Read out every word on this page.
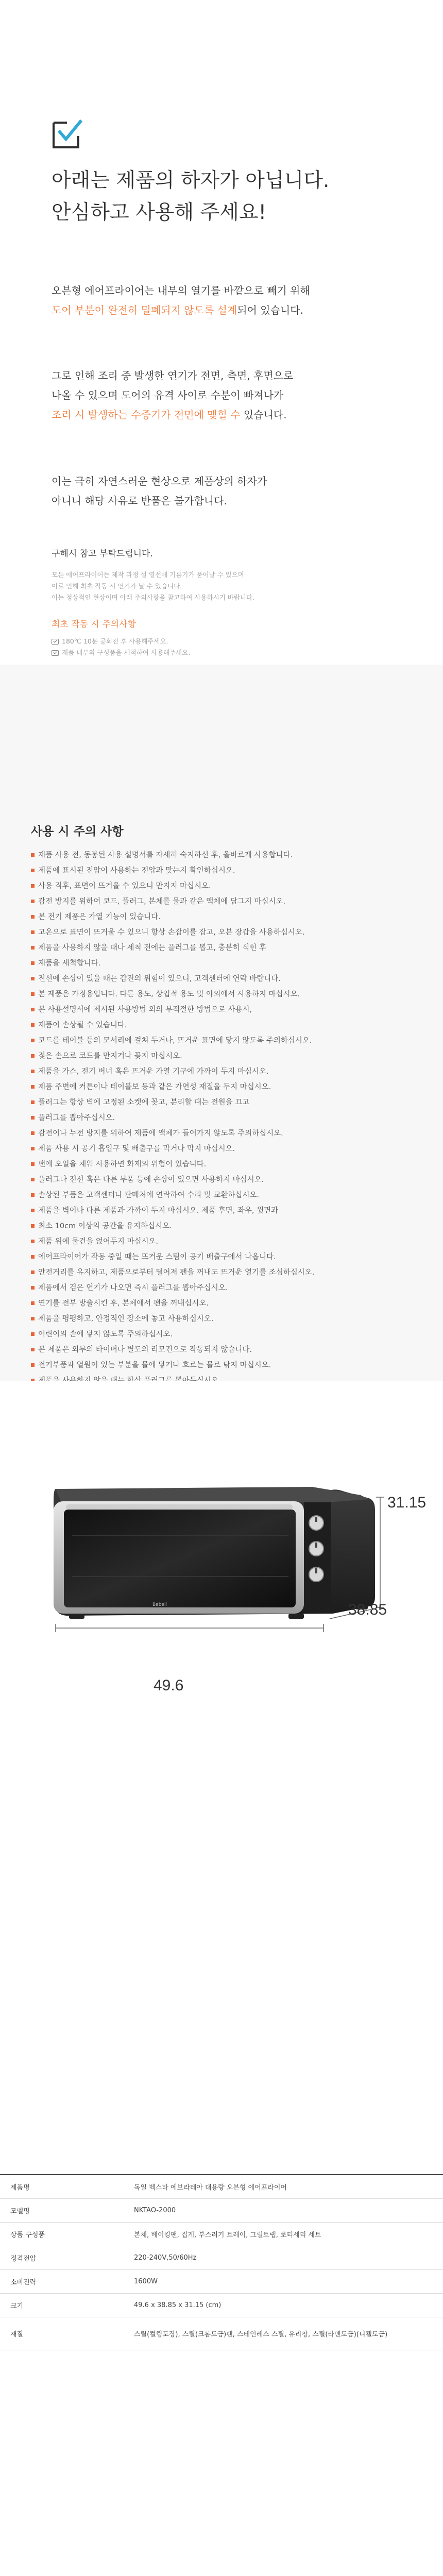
아래는 제품의 하자가 아닙니다.
안심하고 사용해 주세요!

오븐형 에어프라이어는 내부의 열기를 바깥으로 빼기 위해
도어 부분이 완전히 밀폐되지 않도록 설계되어 있습니다.

그로 인해 조리 중 발생한 연기가 전면, 측면, 후면으로
나올 수 있으며 도어의 유격 사이로 수분이 빠져나가
조리 시 발생하는 수증기가 전면에 맺힐 수 있습니다.

이는 극히 자연스러운 현상으로 제품상의 하자가
아니니 해당 사유로 반품은 불가합니다.

구해시 참고 부탁드립니다.
모든 에어프라이어는 제작 과정 설 열선에 기름기가 묻어날 수 있으며
이로 인해 최초 작동 시 연기가 날 수 있습니다.
이는 정상적인 현상이며 아래 주의사항을 참고하여 사용하시기 바랍니다.
최초 작동 시 주의사항
180℃ 10분 공회전 후 사용해주세요.
제품 내부의 구성품을 세척하여 사용해주세요.
사용 시 주의 사항
제품 사용 전, 동봉된 사용 설명서를 자세히 숙지하신 후, 올바르게 사용합니다.
제품에 표시된 전압이 사용하는 전압과 맞는지 확인하십시오.
사용 직후, 표면이 뜨거울 수 있으니 만지지 마십시오.
감전 방지를 위하여 코드, 플러그, 본체를 물과 같은 액체에 담그지 마십시오.
본 전기 제품은 가열 기능이 있습니다.
고온으로 표면이 뜨거울 수 있으니 항상 손잡이를 잡고, 오븐 장갑을 사용하십시오.
제품을 사용하지 않을 때나 세척 전에는 플러그를 뽑고, 충분히 식힌 후
제품을 세척합니다.
전선에 손상이 있을 때는 감전의 위험이 있으니, 고객센터에 연락 바랍니다.
본 제품은 가정용입니다. 다른 용도, 상업적 용도 및 야외에서 사용하지 마십시오.
본 사용설명서에 제시된 사용방법 외의 부적절한 방법으로 사용시,
제품이 손상될 수 있습니다.
코드를 테이블 등의 모서리에 걸쳐 두거나, 뜨거운 표면에 닿지 않도록 주의하십시오.
젖은 손으로 코드를 만지거나 꽂지 마십시오.
제품을 가스, 전기 버너 혹은 뜨거운 가열 기구에 가까이 두지 마십시오.
제품 주변에 커튼이나 테이블보 등과 같은 가연성 재질을 두지 마십시오.
플러그는 항상 벽에 고정된 소켓에 꽂고, 분리할 때는 전원을 끄고
플러그를 뽑아주십시오.
감전이나 누전 방지를 위하여 제품에 액체가 들어가지 않도록 주의하십시오.
제품 사용 시 공기 흡입구 및 배출구를 막거나 막지 마십시오.
팬에 오일을 채워 사용하면 화재의 위험이 있습니다.
플러그나 전선 혹은 다른 부품 등에 손상이 있으면 사용하지 마십시오.
손상된 부품은 고객센터나 판매처에 연락하여 수리 및 교환하십시오.
제품을 벽이나 다른 제품과 가까이 두지 마십시오. 제품 후면, 좌우, 윗면과
최소 10cm 이상의 공간을 유지하십시오.
제품 위에 물건을 얹어두지 마십시오.
에어프라이어가 작동 중일 때는 뜨거운 스팀이 공기 배출구에서 나옵니다.
안전거리를 유지하고, 제품으로부터 떨어져 팬을 꺼내도 뜨거운 열기를 조심하십시오.
제품에서 검은 연기가 나오면 즉시 플러그를 뽑아주십시오.
연기를 전부 방출시킨 후, 본체에서 팬을 꺼내십시오.
제품을 평평하고, 안정적인 장소에 놓고 사용하십시오.
어린이의 손에 닿지 않도록 주의하십시오.
본 제품은 외부의 타이머나 별도의 리모컨으로 작동되지 않습니다.
전기부품과 열원이 있는 부분을 물에 닿거나 흐르는 물로 닦지 마십시오.
49.6
31.15
38.85
Babell
제품명	독일 벡스타 에브라테아 대용량 오븐형 에어프라이어
모델명	NKTAO-2000
상품 구성품	본체, 베이킹팬, 집게, 부스러기 트레이, 그릴트랩, 로티세리 세트
정격전압	220-240V,50/60Hz
소비전력	1600W
크기	49.6 x 38.85 x 31.15 (cm)
재질	스틸(컬링도장), 스틸(크롬도금)팬, 스테인레스 스틸, 유리창, 스틸(라멘도금)(니켈도금)
